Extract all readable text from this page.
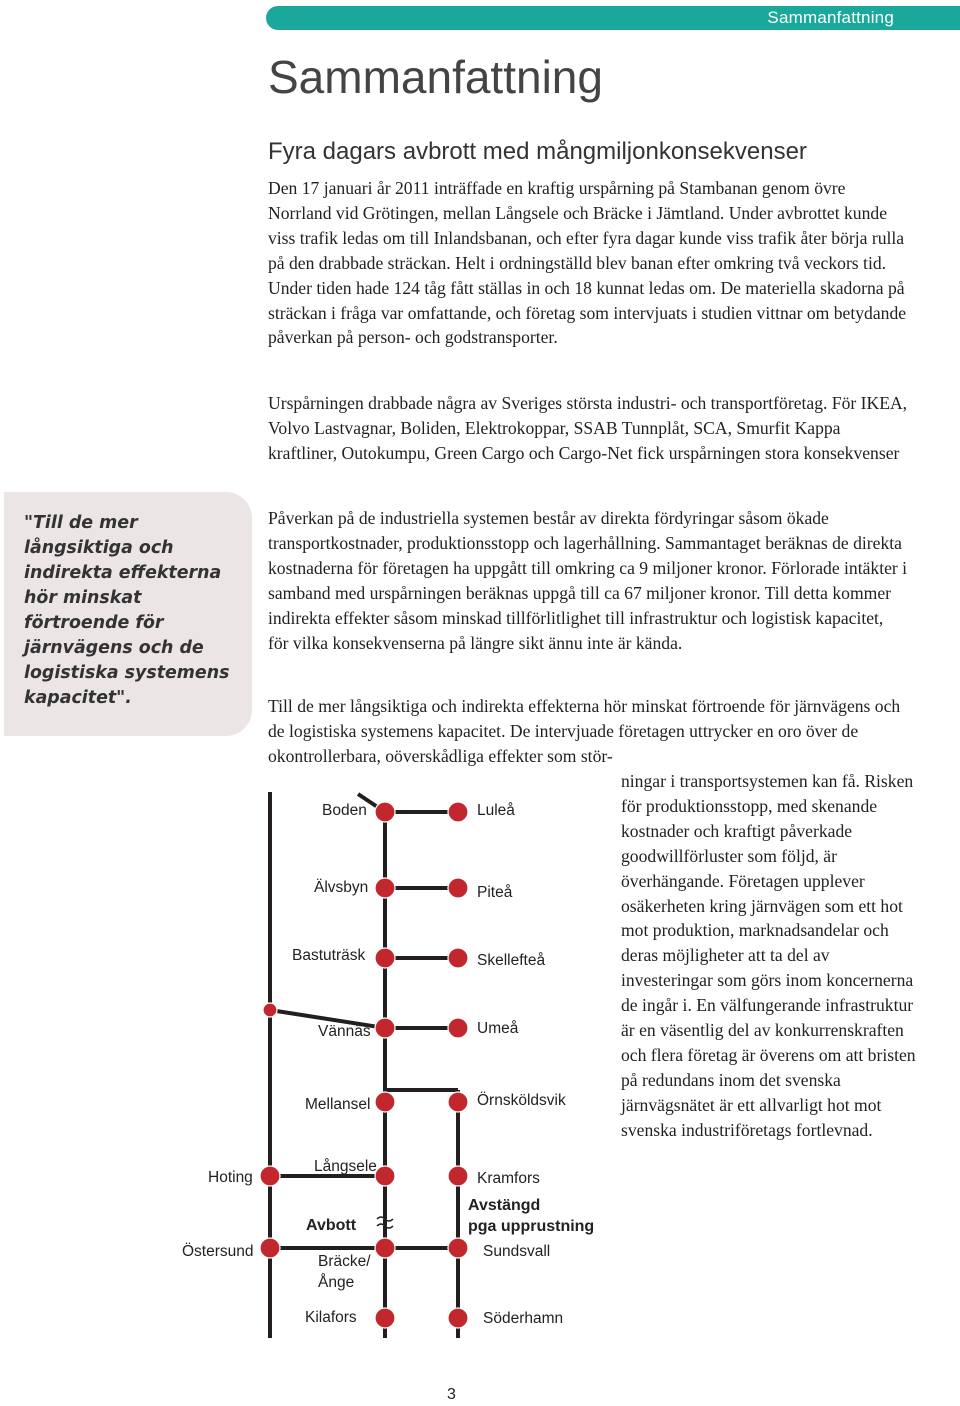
Sammanfattning
Sammanfattning
Fyra dagars avbrott med mångmiljonkonsekvenser

Den 17 januari år 2011 inträffade en kraftig urspårning på Stambanan genom övre Norrland vid Grötingen, mellan Långsele och Bräcke i Jämtland. Under avbrottet kunde viss trafik ledas om till Inlandsbanan, och efter fyra dagar kunde viss trafik åter börja rulla på den drabbade sträckan. Helt i ordningställd blev banan efter omkring två veckors tid. Under tiden hade 124 tåg fått ställas in och 18 kunnat ledas om. De materiella skadorna på sträckan i fråga var omfattande, och företag som intervjuats i studien vittnar om betydande påverkan på person- och godstransporter.

Urspårningen drabbade några av Sveriges största industri- och transportföretag. För IKEA, Volvo Lastvagnar, Boliden, Elektrokoppar, SSAB Tunnplåt, SCA, Smurfit Kappa kraftliner, Outokumpu, Green Cargo och Cargo-Net fick urspårningen stora konsekvenser

Påverkan på de industriella systemen består av direkta fördyringar såsom ökade transportkostnader, produktionsstopp och lagerhållning. Sammantaget beräknas de direkta kostnaderna för företagen ha uppgått till omkring ca 9 miljoner kronor. Förlorade intäkter i samband med urspårningen beräknas uppgå till ca 67 miljoner kronor. Till detta kommer indirekta effekter såsom minskad tillförlitlighet till infrastruktur och logistisk kapacitet, för vilka konsekvenserna på längre sikt ännu inte är kända.

Till de mer långsiktiga och indirekta effekterna hör minskat förtroende för järnvägens och de logistiska systemens kapacitet. De intervjuade företagen uttrycker en oro över de okontrollerbara, oöverskådliga effekter som stör-

ningar i transportsystemen kan få. Risken för produktionsstopp, med skenande kostnader och kraftigt påverkade goodwillförluster som följd, är överhängande. Företagen upplever osäkerheten kring järnvägen som ett hot mot produktion, marknadsandelar och deras möjligheter att ta del av investeringar som görs inom koncernerna de ingår i. En välfungerande infrastruktur är en väsentlig del av konkurrenskraften och flera företag är överens om att bristen på redundans inom det svenska järnvägsnätet är ett allvarligt hot mot svenska industriföretags fortlevnad.

"Till de mer långsiktiga och indirekta effekterna hör minskat förtroende för järnvägens och de logistiska systemens kapacitet".

Boden	Luleå
Älvsbyn	Piteå
Bastuträsk	Skellefteå
Vännäs	Umeå
Mellansel	Örnsköldsvik
Hoting
Långsele
Kramfors
Avbott
Avstängd
pga upprustning
Östersund
Bräcke/
Ånge
Sundsvall
Kilafors	Söderhamn
3
